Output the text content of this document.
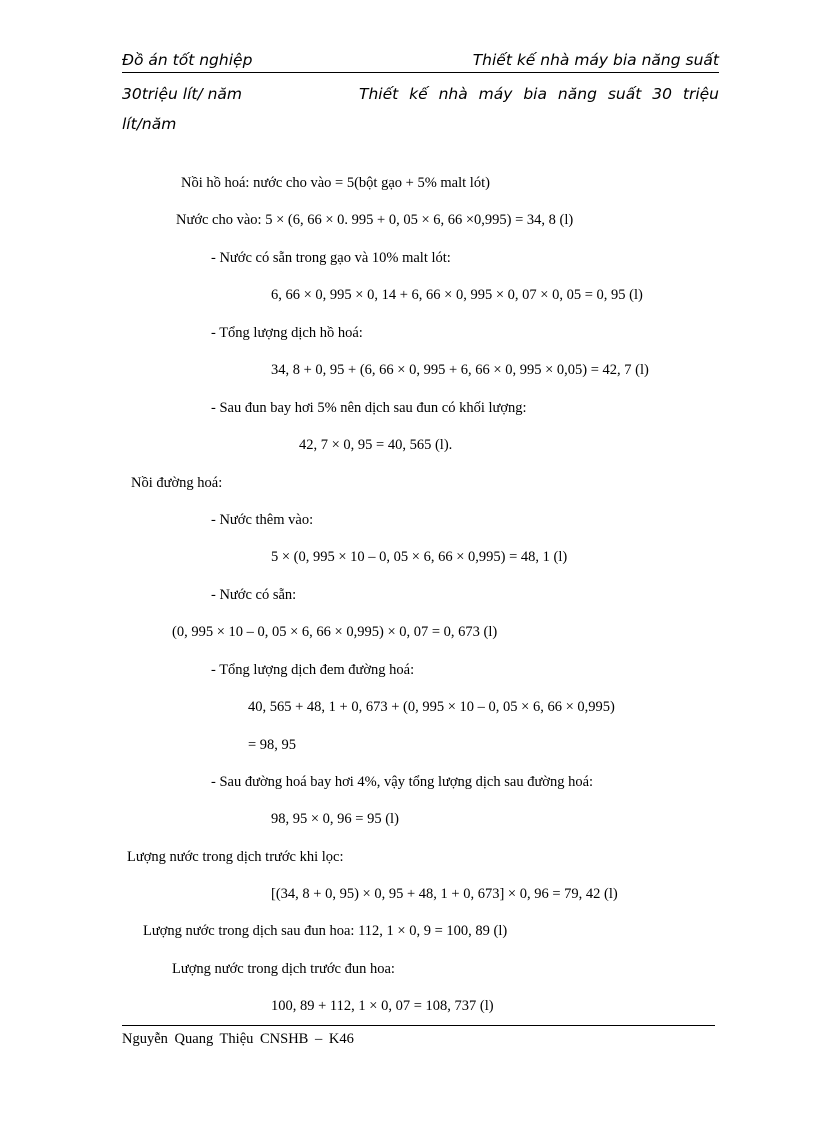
Đồ án tốt nghiệp	Thiết kế nhà máy bia năng suất
30triệu lít/ năm	Thiết kế nhà máy bia năng suất 30 triệu
lít/năm
Nồi hồ hoá: nước cho vào = 5(bột gạo + 5% malt lót)
Nước cho vào: 5 × (6, 66 × 0. 995 + 0, 05 × 6, 66 ×0,995) = 34, 8 (l)
- Nước có sẵn trong gạo và 10% malt lót:
6, 66 × 0, 995 × 0, 14 + 6, 66 × 0, 995 × 0, 07 × 0, 05 = 0, 95 (l)
- Tổng lượng dịch hồ hoá:
34, 8 + 0, 95 + (6, 66 × 0, 995 + 6, 66 × 0, 995 × 0,05) = 42, 7 (l)
- Sau đun bay hơi 5% nên dịch sau đun có khối lượng:
42, 7 × 0, 95 = 40, 565 (l).
Nồi đường hoá:
- Nước thêm vào:
5 × (0, 995 × 10 – 0, 05 × 6, 66 × 0,995) = 48, 1 (l)
- Nước có sẵn:
(0, 995 × 10 – 0, 05 × 6, 66 × 0,995) × 0, 07 = 0, 673 (l)
- Tổng lượng dịch đem đường hoá:
40, 565 + 48, 1 + 0, 673 + (0, 995 × 10 – 0, 05 × 6, 66 × 0,995)
= 98, 95
- Sau đường hoá bay hơi 4%, vậy tổng lượng dịch sau đường hoá:
98, 95 × 0, 96 = 95 (l)
Lượng nước trong dịch trước khi lọc:
[(34, 8 + 0, 95) × 0, 95 + 48, 1 + 0, 673] × 0, 96 = 79, 42 (l)
Lượng nước trong dịch sau đun hoa: 112, 1 × 0, 9 = 100, 89 (l)
Lượng nước trong dịch trước đun hoa:
100, 89 + 112, 1 × 0, 07 = 108, 737 (l)
Nguyễn Quang Thiệu CNSHB – K46
